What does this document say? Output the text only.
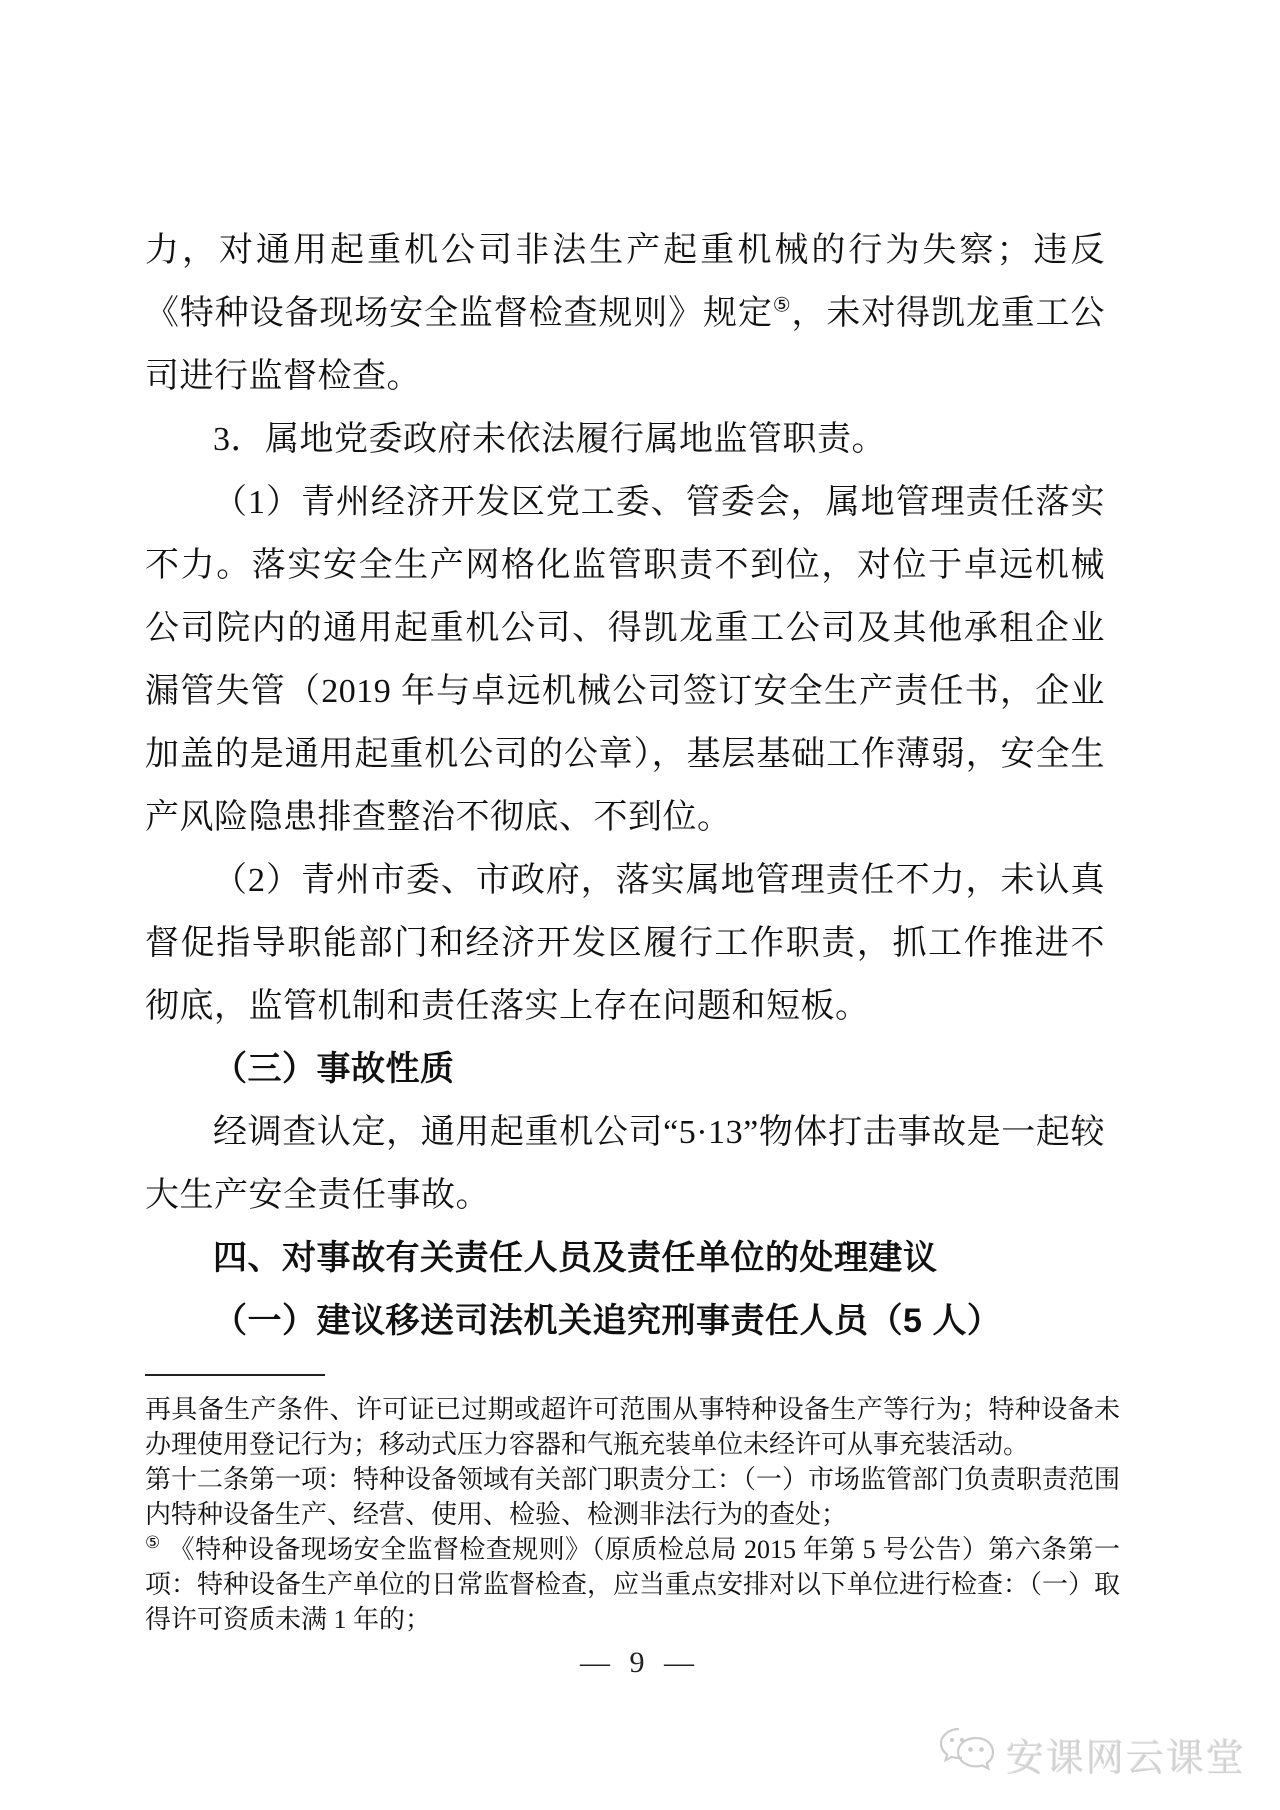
力，对通用起重机公司非法生产起重机械的行为失察；违反《特种设备现场安全监督检查规则》规定⑤，未对得凯龙重工公司进行监督检查。

3．属地党委政府未依法履行属地监管职责。

（1）青州经济开发区党工委、管委会，属地管理责任落实不力。落实安全生产网格化监管职责不到位，对位于卓远机械公司院内的通用起重机公司、得凯龙重工公司及其他承租企业漏管失管（2019 年与卓远机械公司签订安全生产责任书，企业加盖的是通用起重机公司的公章），基层基础工作薄弱，安全生产风险隐患排查整治不彻底、不到位。

（2）青州市委、市政府，落实属地管理责任不力，未认真督促指导职能部门和经济开发区履行工作职责，抓工作推进不彻底，监管机制和责任落实上存在问题和短板。

（三）事故性质

经调查认定，通用起重机公司“5·13”物体打击事故是一起较大生产安全责任事故。

四、对事故有关责任人员及责任单位的处理建议

（一）建议移送司法机关追究刑事责任人员（5 人）

再具备生产条件、许可证已过期或超许可范围从事特种设备生产等行为；特种设备未办理使用登记行为；移动式压力容器和气瓶充装单位未经许可从事充装活动。

第十二条第一项：特种设备领域有关部门职责分工：（一）市场监管部门负责职责范围内特种设备生产、经营、使用、检验、检测非法行为的查处；

⑤ 《特种设备现场安全监督检查规则》（原质检总局 2015 年第 5 号公告）第六条第一项：特种设备生产单位的日常监督检查，应当重点安排对以下单位进行检查：（一）取得许可资质未满 1 年的；

— 9 —
安课网云课堂
